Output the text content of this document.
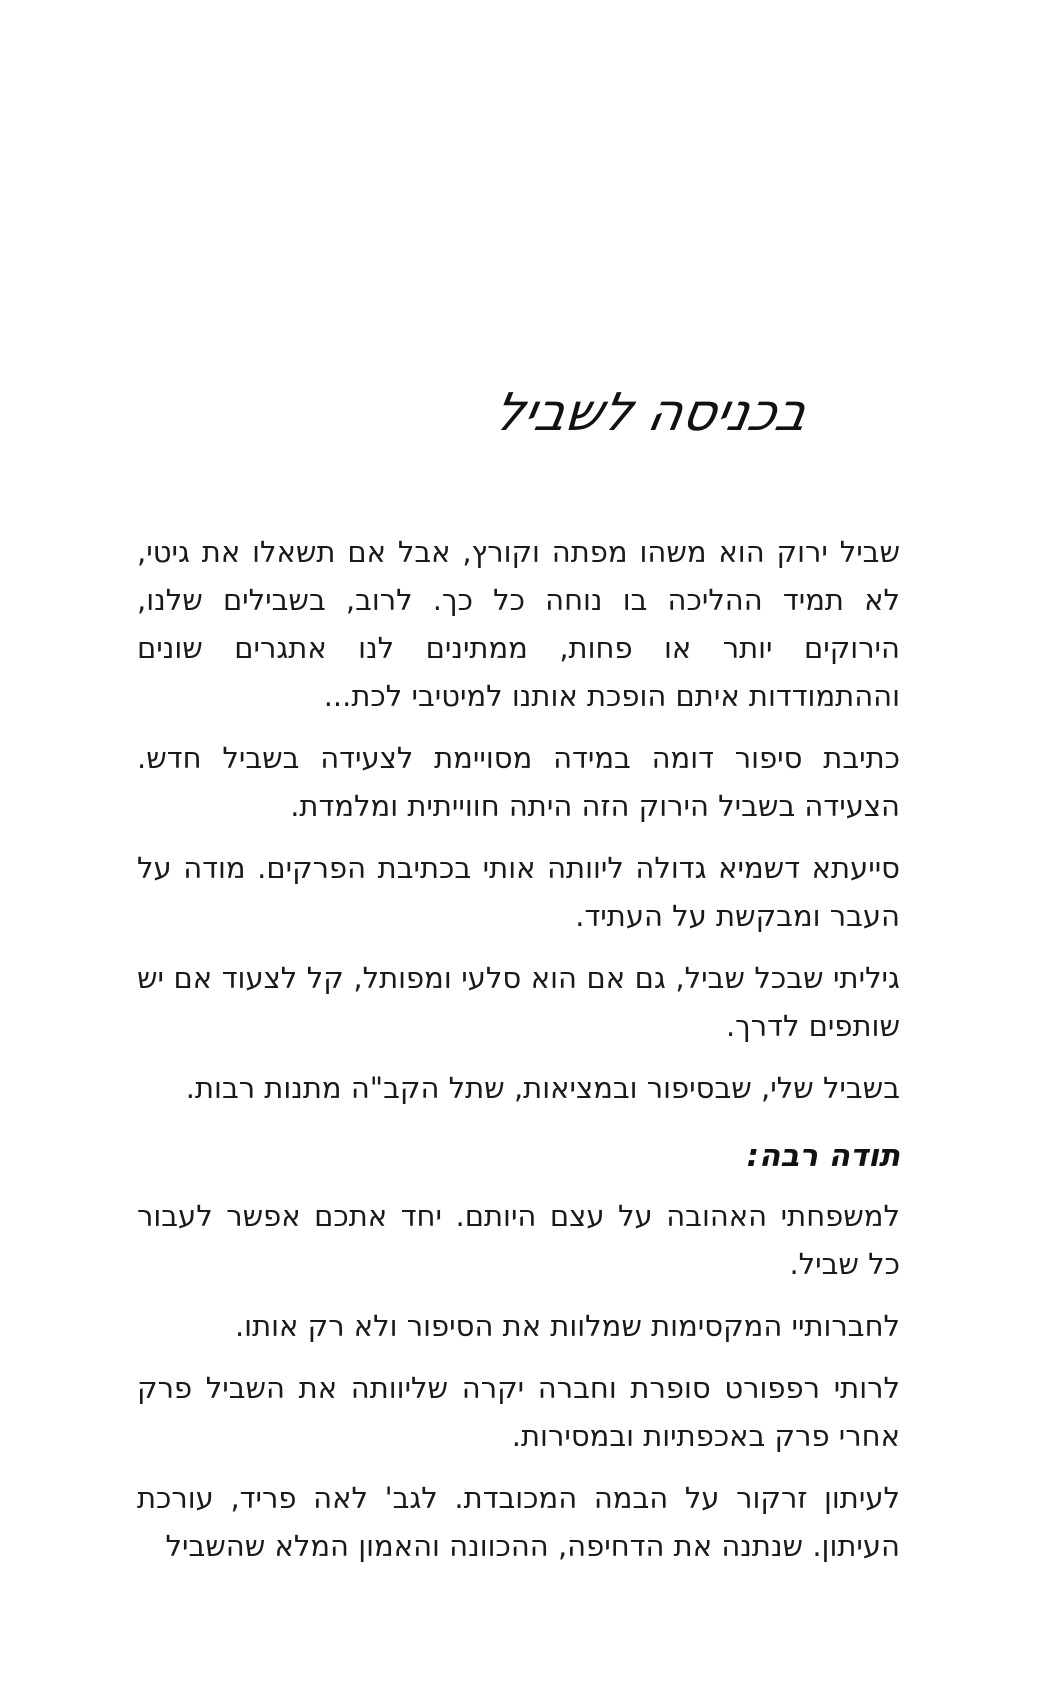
בכניסה לשביל

שביל ירוק הוא משהו מפתה וקורץ, אבל אם תשאלו את גיטי, לא תמיד ההליכה בו נוחה כל כך. לרוב, בשבילים שלנו, הירוקים יותר או פחות, ממתינים לנו אתגרים שונים וההתמודדות איתם הופכת אותנו למיטיבי לכת...

כתיבת סיפור דומה במידה מסויימת לצעידה בשביל חדש. הצעידה בשביל הירוק הזה היתה חווייתית ומלמדת.

סייעתא דשמיא גדולה ליוותה אותי בכתיבת הפרקים. מודה על העבר ומבקשת על העתיד.

גיליתי שבכל שביל, גם אם הוא סלעי ומפותל, קל לצעוד אם יש שותפים לדרך.

בשביל שלי, שבסיפור ובמציאות, שתל הקב"ה מתנות רבות.

תודה רבה:

למשפחתי האהובה על עצם היותם. יחד אתכם אפשר לעבור כל שביל.

לחברותיי המקסימות שמלוות את הסיפור ולא רק אותו.

לרותי רפפורט סופרת וחברה יקרה שליוותה את השביל פרק אחרי פרק באכפתיות ובמסירות.

לעיתון זרקור על הבמה המכובדת. לגב' לאה פריד, עורכת העיתון. שנתנה את הדחיפה, ההכוונה והאמון המלא שהשביל
